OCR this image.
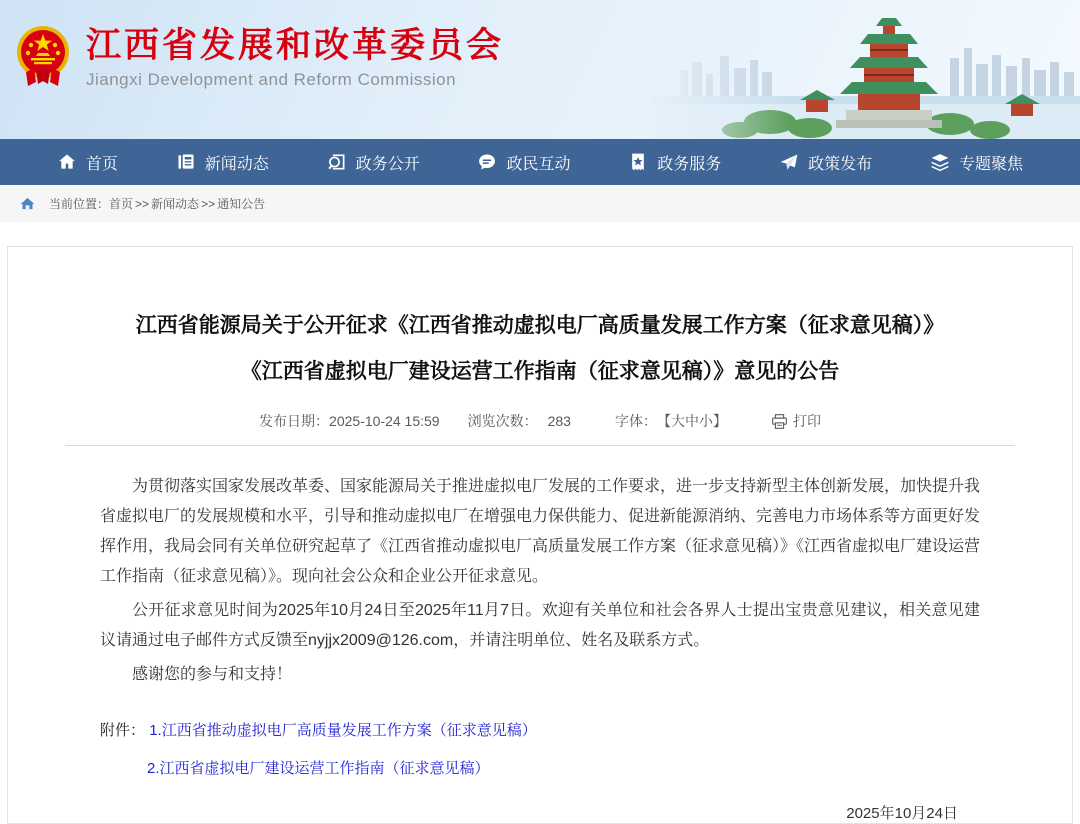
江西省发展和改革委员会
Jiangxi Development and Reform Commission
首页	新闻动态	政务公开	政民互动	政务服务	政策发布	专题聚焦
当前位置： 首页 >> 新闻动态 >> 通知公告
江西省能源局关于公开征求《江西省推动虚拟电厂高质量发展工作方案（征求意见稿）》
《江西省虚拟电厂建设运营工作指南（征求意见稿）》意见的公告
发布日期： 2025-10-24 15:59 浏览次数： 283	字体： 【大中小】	打印

为贯彻落实国家发展改革委、国家能源局关于推进虚拟电厂发展的工作要求，进一步支持新型主体创新发展，加快提升我省虚拟电厂的发展规模和水平，引导和推动虚拟电厂在增强电力保供能力、促进新能源消纳、完善电力市场体系等方面更好发挥作用，我局会同有关单位研究起草了《江西省推动虚拟电厂高质量发展工作方案（征求意见稿）》《江西省虚拟电厂建设运营工作指南（征求意见稿）》。现向社会公众和企业公开征求意见。

公开征求意见时间为2025年10月24日至2025年11月7日。欢迎有关单位和社会各界人士提出宝贵意见建议，相关意见建议请通过电子邮件方式反馈至nyjjx2009@126.com，并请注明单位、姓名及联系方式。

感谢您的参与和支持！

附件： 1.江西省推动虚拟电厂高质量发展工作方案（征求意见稿）
2.江西省虚拟电厂建设运营工作指南（征求意见稿）
2025年10月24日
